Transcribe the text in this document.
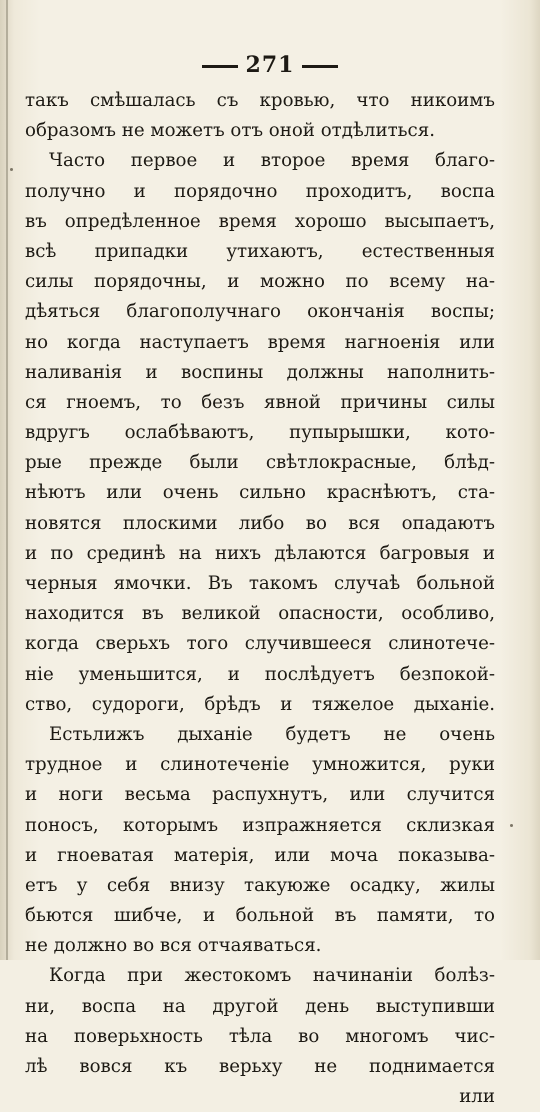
271
такъ смѣшалась съ кровью, что никоимъ
образомъ не можетъ отъ оной отдѣлиться.
Часто первое и второе время благо-
получно и порядочно проходитъ, воспа
въ опредѣленное время хорошо высыпаетъ,
всѣ припадки утихаютъ, естественныя
силы порядочны, и можно по всему на-
дѣяться благополучнаго окончанія воспы;
но когда наступаетъ время нагноенія или
наливанія и воспины должны наполнить-
ся гноемъ, то безъ явной причины силы
вдругъ ослабѣваютъ, пупырышки, кото-
рые прежде были свѣтлокрасные, блѣд-
нѣютъ или очень сильно краснѣютъ, ста-
новятся плоскими либо во вся опадаютъ
и по срединѣ на нихъ дѣлаются багровыя и
черныя ямочки. Въ такомъ случаѣ больной
находится въ великой опасности, особливо,
когда сверьхъ того случившееся слинотече-
ніе уменьшится, и послѣдуетъ безпокой-
ство, судороги, брѣдъ и тяжелое дыханіе.
Естьлижъ дыханіе будетъ не очень
трудное и слинотеченіе умножится, руки
и ноги весьма распухнутъ, или случится
поносъ, которымъ изпражняется склизкая
и гноеватая матерія, или моча показыва-
етъ у себя внизу такуюже осадку, жилы
бьются шибче, и больной въ памяти, то
не должно во вся отчаяваться.
Когда при жестокомъ начинаніи болѣз-
ни, воспа на другой день выступивши
на поверьхность тѣла во многомъ чис-
лѣ вовся къ верьху не поднимается
или
